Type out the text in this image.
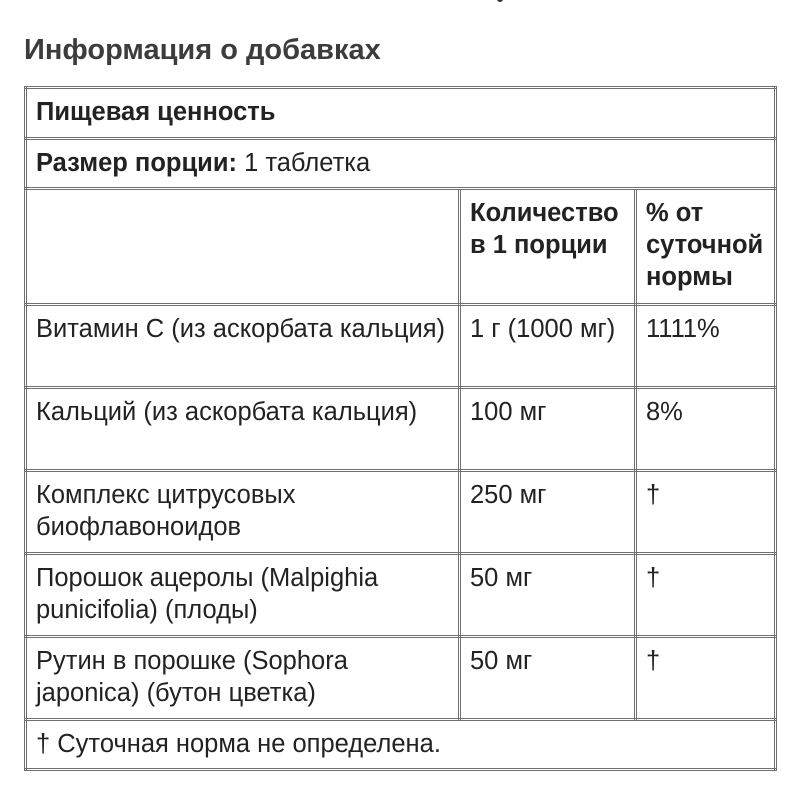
Информация о добавках
Пищевая ценность		
Размер порции: 1 таблетка		
	Количество в 1 порции	% от суточной нормы
Витамин С (из аскорбата кальция)	1 г (1000 мг)	1111%
Кальций (из аскорбата кальция)	100 мг	8%
Комплекс цитрусовых биофлавоноидов	250 мг	†
Порошок ацеролы (Malpighia punicifolia) (плоды)	50 мг	†
Рутин в порошке (Sophora japonica) (бутон цветка)	50 мг	†
† Суточная норма не определена.		
